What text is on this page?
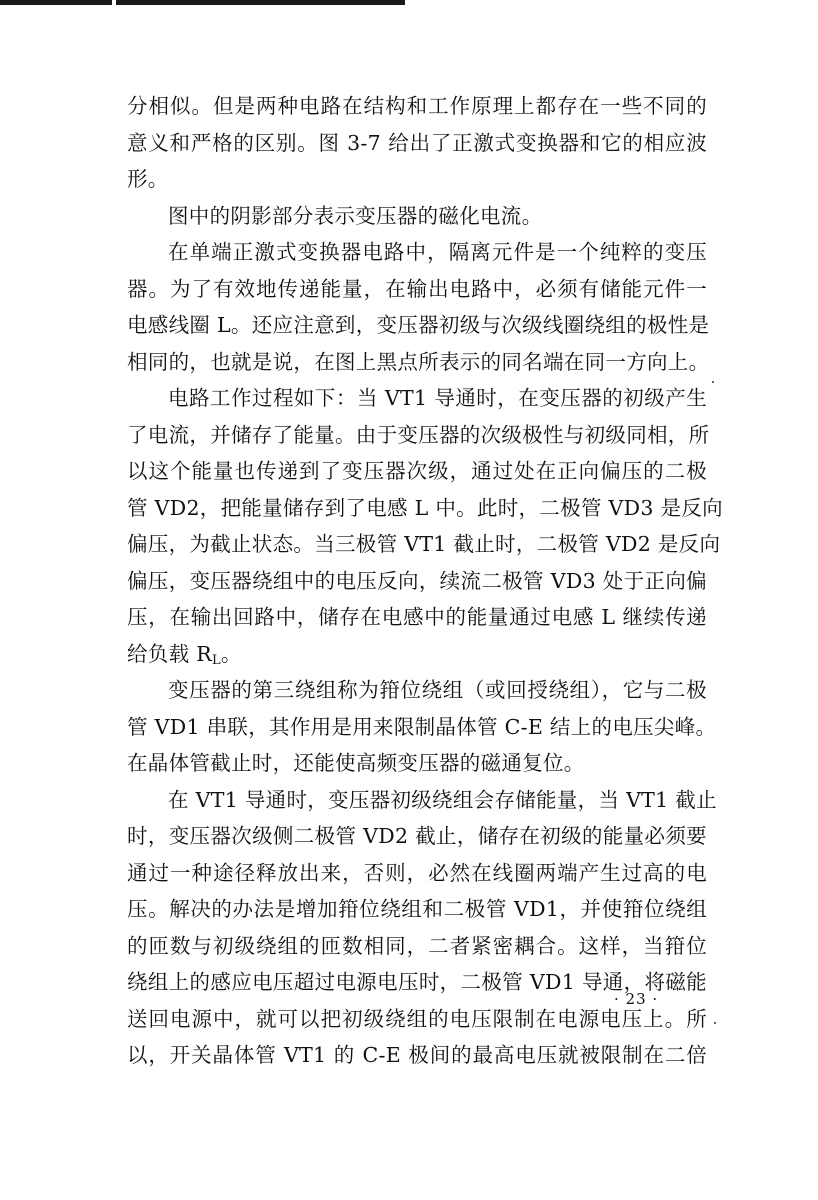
分相似。但是两种电路在结构和工作原理上都存在一些不同的
意义和严格的区别。图 3-7 给出了正激式变换器和它的相应波
形。
图中的阴影部分表示变压器的磁化电流。
在单端正激式变换器电路中，隔离元件是一个纯粹的变压
器。为了有效地传递能量，在输出电路中，必须有储能元件一
电感线圈 L。还应注意到，变压器初级与次级线圈绕组的极性是
相同的，也就是说，在图上黑点所表示的同名端在同一方向上。
电路工作过程如下：当 VT1 导通时，在变压器的初级产生
了电流，并储存了能量。由于变压器的次级极性与初级同相，所
以这个能量也传递到了变压器次级，通过处在正向偏压的二极
管 VD2，把能量储存到了电感 L 中。此时，二极管 VD3 是反向
偏压，为截止状态。当三极管 VT1 截止时，二极管 VD2 是反向
偏压，变压器绕组中的电压反向，续流二极管 VD3 处于正向偏
压，在输出回路中，储存在电感中的能量通过电感 L 继续传递
给负载 $R_L$。
变压器的第三绕组称为箝位绕组（或回授绕组），它与二极
管 VD1 串联，其作用是用来限制晶体管 C-E 结上的电压尖峰。
在晶体管截止时，还能使高频变压器的磁通复位。
在 VT1 导通时，变压器初级绕组会存储能量，当 VT1 截止
时，变压器次级侧二极管 VD2 截止，储存在初级的能量必须要
通过一种途径释放出来，否则，必然在线圈两端产生过高的电
压。解决的办法是增加箝位绕组和二极管 VD1，并使箝位绕组
的匝数与初级绕组的匝数相同，二者紧密耦合。这样，当箝位
绕组上的感应电压超过电源电压时，二极管 VD1 导通，将磁能
送回电源中，就可以把初级绕组的电压限制在电源电压上。所
以，开关晶体管 VT1 的 C-E 极间的最高电压就被限制在二倍
· 23 ·
